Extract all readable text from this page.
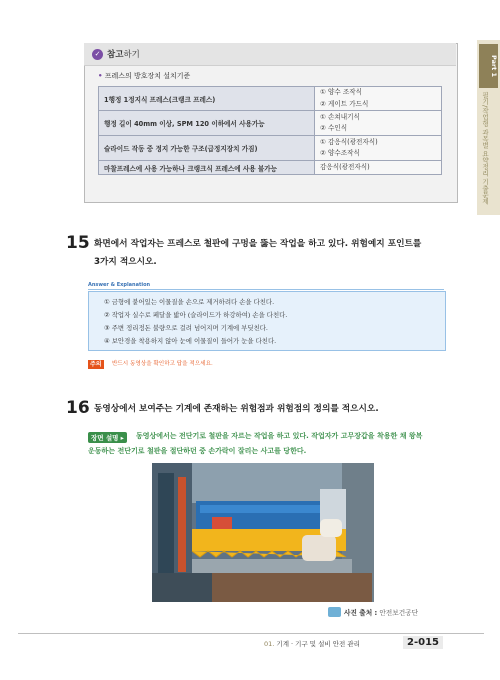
✓ 참고하기
• 프레스의 방호장치 설치기준
1행정 1정지식 프레스(크랭크 프레스)	① 양수 조작식
② 게이트 가드식

행정 길이 40mm 이상, SPM 120 이하에서 사용가능	① 손쳐내기식
② 수인식

슬라이드 작동 중 정지 가능한 구조(급정지장치 가짐)	① 감응식(광전자식)
② 양수조작식

마찰프레스에 사용 가능하나 크랭크식 프레스에 사용 불가능	감응식(광전자식)
Part 1
필기/작업형 과목별 요약정리 기출문제
15 화면에서 작업자는 프레스로 철판에 구멍을 뚫는 작업을 하고 있다. 위험예지 포인트를
3가지 적으시오.
Answer & Explanation
① 금형에 붙어있는 이물질을 손으로 제거하려다 손을 다친다.
② 작업자 실수로 페달을 밟아 (슬라이드가 하강하여) 손을 다친다.
③ 주변 정리정돈 불량으로 걸려 넘어지며 기계에 부딪친다.
④ 보안경을 착용하지 않아 눈에 이물질이 들어가 눈을 다친다.
주의	반드시 동영상을 확인하고 답을 적으세요.
16 동영상에서 보여주는 기계에 존재하는 위험점과 위험점의 정의를 적으시오.
장면 설명 ▸	동영상에서는 전단기로 철판을 자르는 작업을 하고 있다. 작업자가 고무장갑을 착용한 채 왕복
운동하는 전단기로 철판을 절단하던 중 손가락이 잘리는 사고를 당한다.
사진 출처 : 안전보건공단
01. 기계 · 기구 및 설비 안전 관리	2-015
